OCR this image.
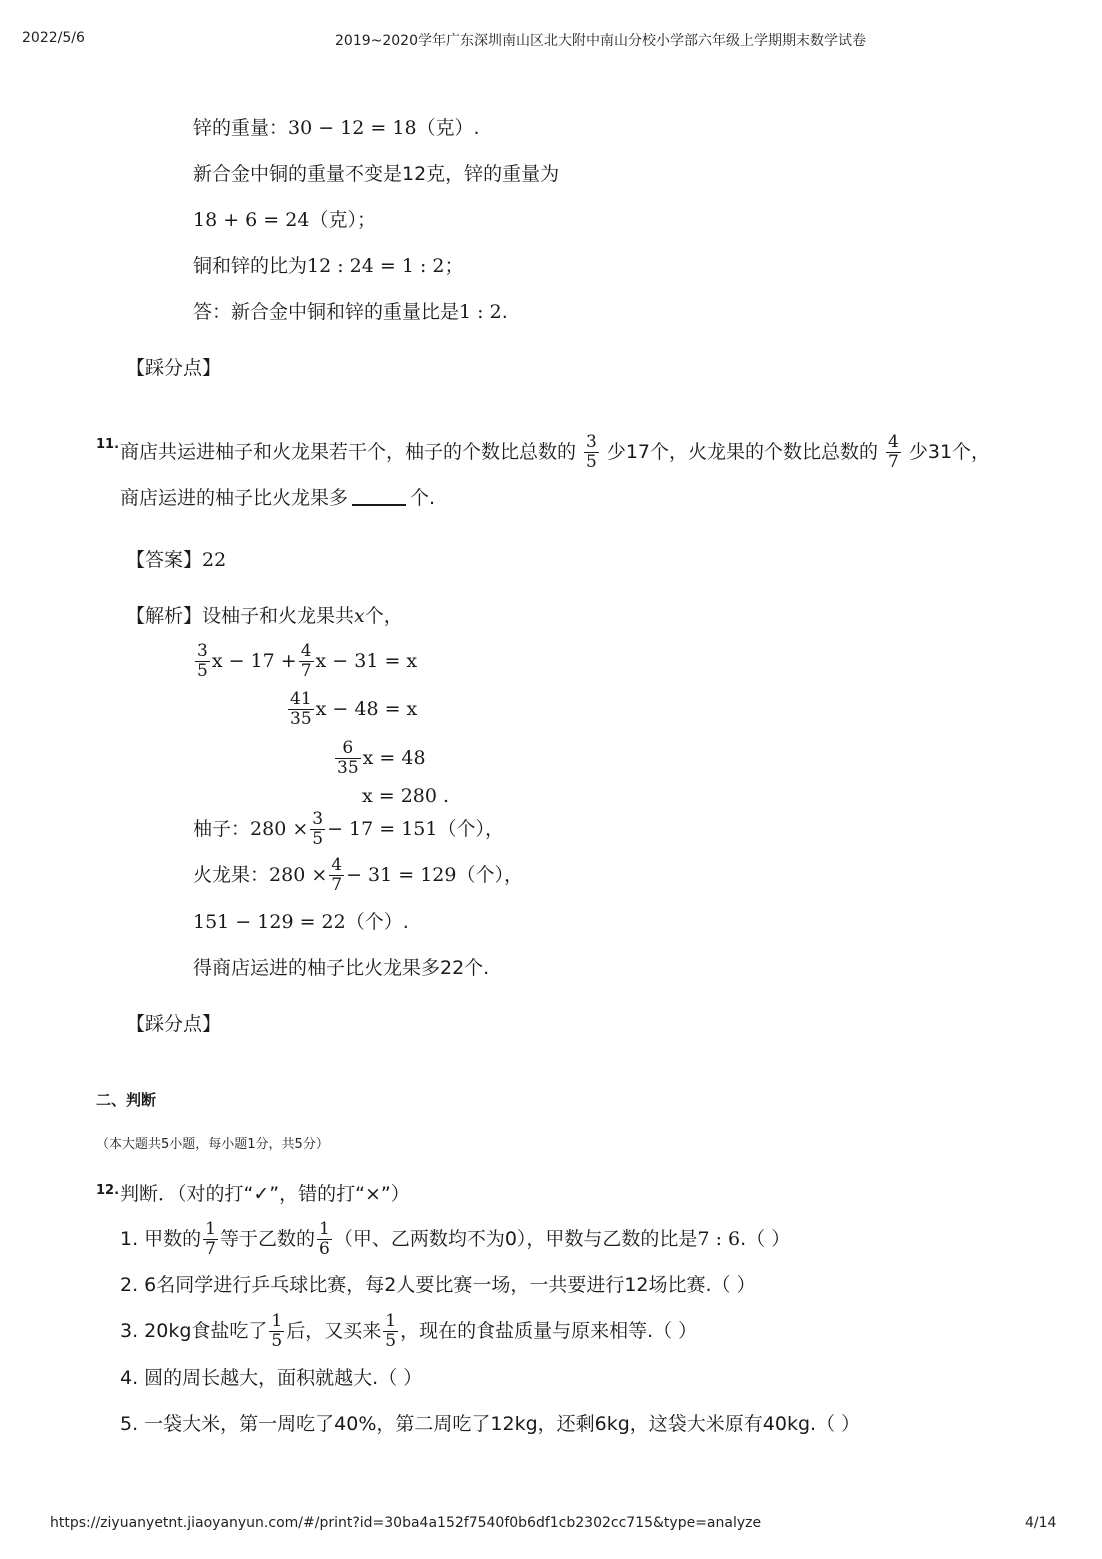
2022/5/6	2019~2020学年广东深圳南山区北大附中南山分校小学部六年级上学期期末数学试卷
锌的重量：30 − 12 = 18（克）.
新合金中铜的重量不变是12克，锌的重量为
18 + 6 = 24（克）；
铜和锌的比为12 : 24 = 1 : 2；
答：新合金中铜和锌的重量比是1 : 2.
【踩分点】
11. 商店共运进柚子和火龙果若干个，柚子的个数比总数的 $\frac{3}{5}$ 少17个，火龙果的个数比总数的 $\frac{4}{7}$ 少31个，
商店运进的柚子比火龙果多	个.
【答案】22
【解析】设柚子和火龙果共x个，
$\frac{3}{5}$ $x - 17 + \frac{4}{7}$ x − 31 = x
$\frac{41}{35}$ x − 48 = x
$\frac{6}{35}$ x = 48
x = 280 .
柚子： $280 \times \frac{3}{5} - 17 = 151$ （个），
火龙果： $280 \times \frac{4}{7} - 31 = 129$ （个），
151 − 129 = 22（个）.
得商店运进的柚子比火龙果多22个.
【踩分点】
二、判断
（本大题共5小题，每小题1分，共5分）
12. 判断．（对的打“✓”，错的打“×”）
1. 甲数的 $\frac{1}{7}$ 等于乙数的 $\frac{1}{6}$ （甲、乙两数均不为0），甲数与乙数的比是 7 : 6 .（ ）
2. 6名同学进行乒乓球比赛，每2人要比赛一场，一共要进行12场比赛.（ ）
3. 20kg食盐吃了 $\frac{1}{5}$ 后，又买来 $\frac{1}{5}$ ，现在的食盐质量与原来相等.（ ）
4. 圆的周长越大，面积就越大.（ ）
5. 一袋大米，第一周吃了40%，第二周吃了12kg，还剩6kg，这袋大米原有40kg.（ ）
https://ziyuanyetnt.jiaoyanyun.com/#/print?id=30ba4a152f7540f0b6df1cb2302cc715&type=analyze	4/14
